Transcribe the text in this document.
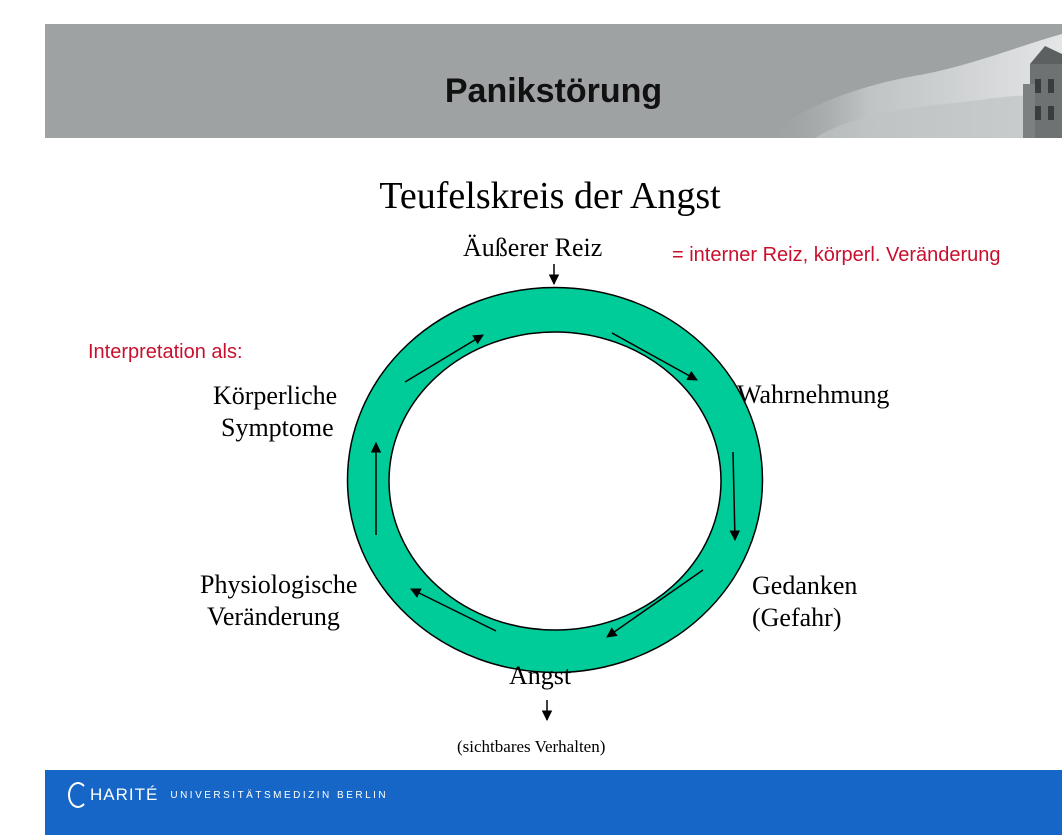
Panikstörung
Teufelskreis der Angst
Äußerer Reiz	= interner Reiz, körperl. Veränderung
Interpretation als:
Wahrnehmung
Gedanken
(Gefahr)
Angst
Physiologische
Veränderung
Körperliche
Symptome
(sichtbares Verhalten)
HARITÉ UNIVERSITÄTSMEDIZIN BERLIN
